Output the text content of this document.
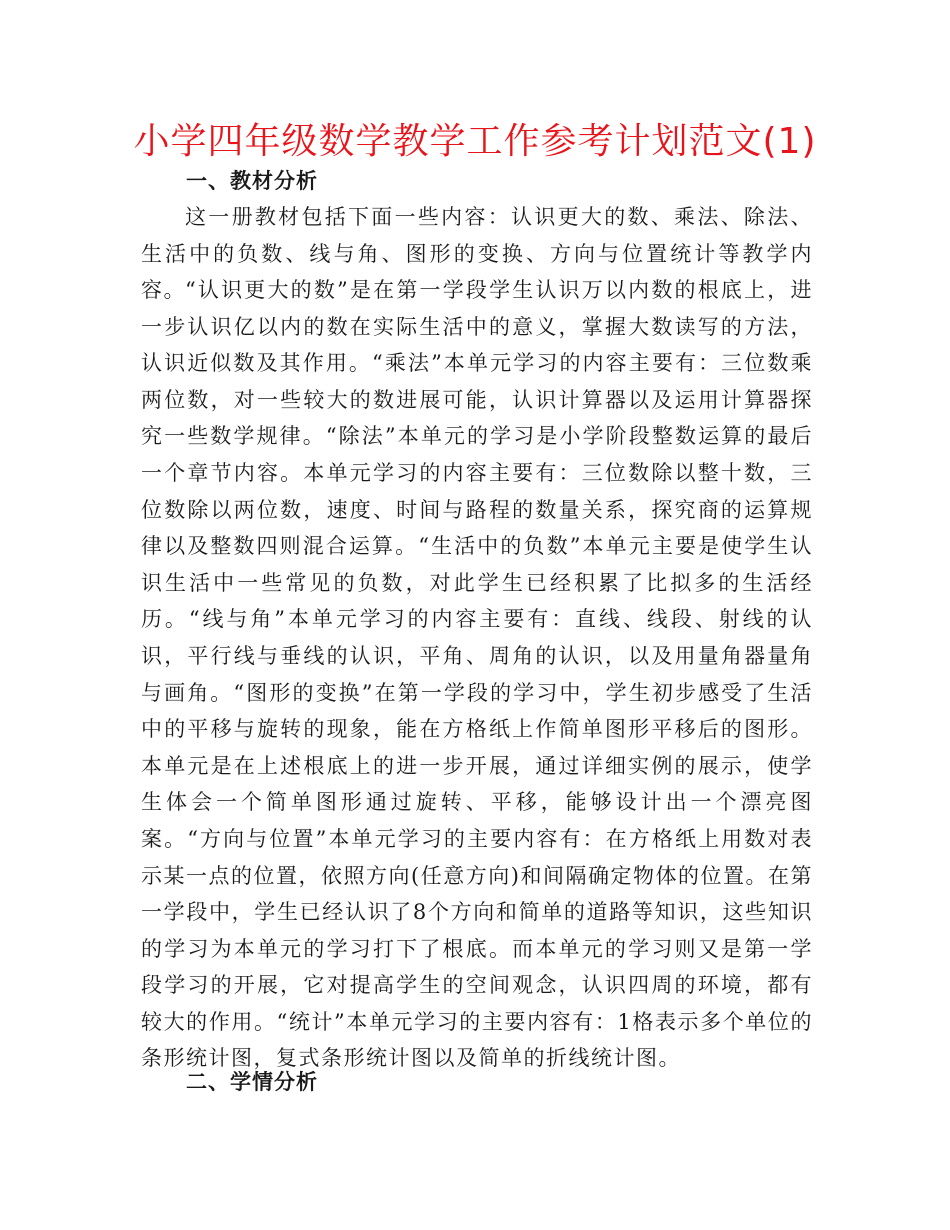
小学四年级数学教学工作参考计划范文(1)
一、教材分析

这一册教材包括下面一些内容：认识更大的数、乘法、除法、生活中的负数、线与角、图形的变换、方向与位置统计等教学内容。 “认识更大的数”是在第一学段学生认识万以内数的根底上，进一步认识亿以内的数在实际生活中的意义，掌握大数读写的方法，认识近似数及其作用。“乘法”本单元学习的内容主要有：三位数乘两位数，对一些较大的数进展可能，认识计算器以及运用计算器探究一些数学规律。“除法”本单元的学习是小学阶段整数运算的最后一个章节内容。本单元学习的内容主要有：三位数除以整十数，三位数除以两位数，速度、时间与路程的数量关系，探究商的运算规律以及整数四则混合运算。“生活中的负数”本单元主要是使学生认识生活中一些常见的负数，对此学生已经积累了比拟多的生活经历。“线与角”本单元学习的内容主要有：直线、线段、射线的认识，平行线与垂线的认识，平角、周角的认识，以及用量角器量角与画角。“图形的变换”在第一学段的学习中，学生初步感受了生活中的平移与旋转的现象，能在方格纸上作简单图形平移后的图形。本单元是在上述根底上的进一步开展，通过详细实例的展示，使学生体会一个简单图形通过旋转、平移，能够设计出一个漂亮图案。“方向与位置”本单元学习的主要内容有：在方格纸上用数对表示某一点的位置，依照方向(任意方向)和间隔确定物体的位置。在第一学段中，学生已经认识了8个方向和简单的道路等知识，这些知识的学习为本单元的学习打下了根底。而本单元的学习则又是第一学段学习的开展，它对提高学生的空间观念，认识四周的环境，都有较大的作用。“统计”本单元学习的主要内容有：1格表示多个单位的条形统计图，复式条形统计图以及简单的折线统计图。

二、学情分析
